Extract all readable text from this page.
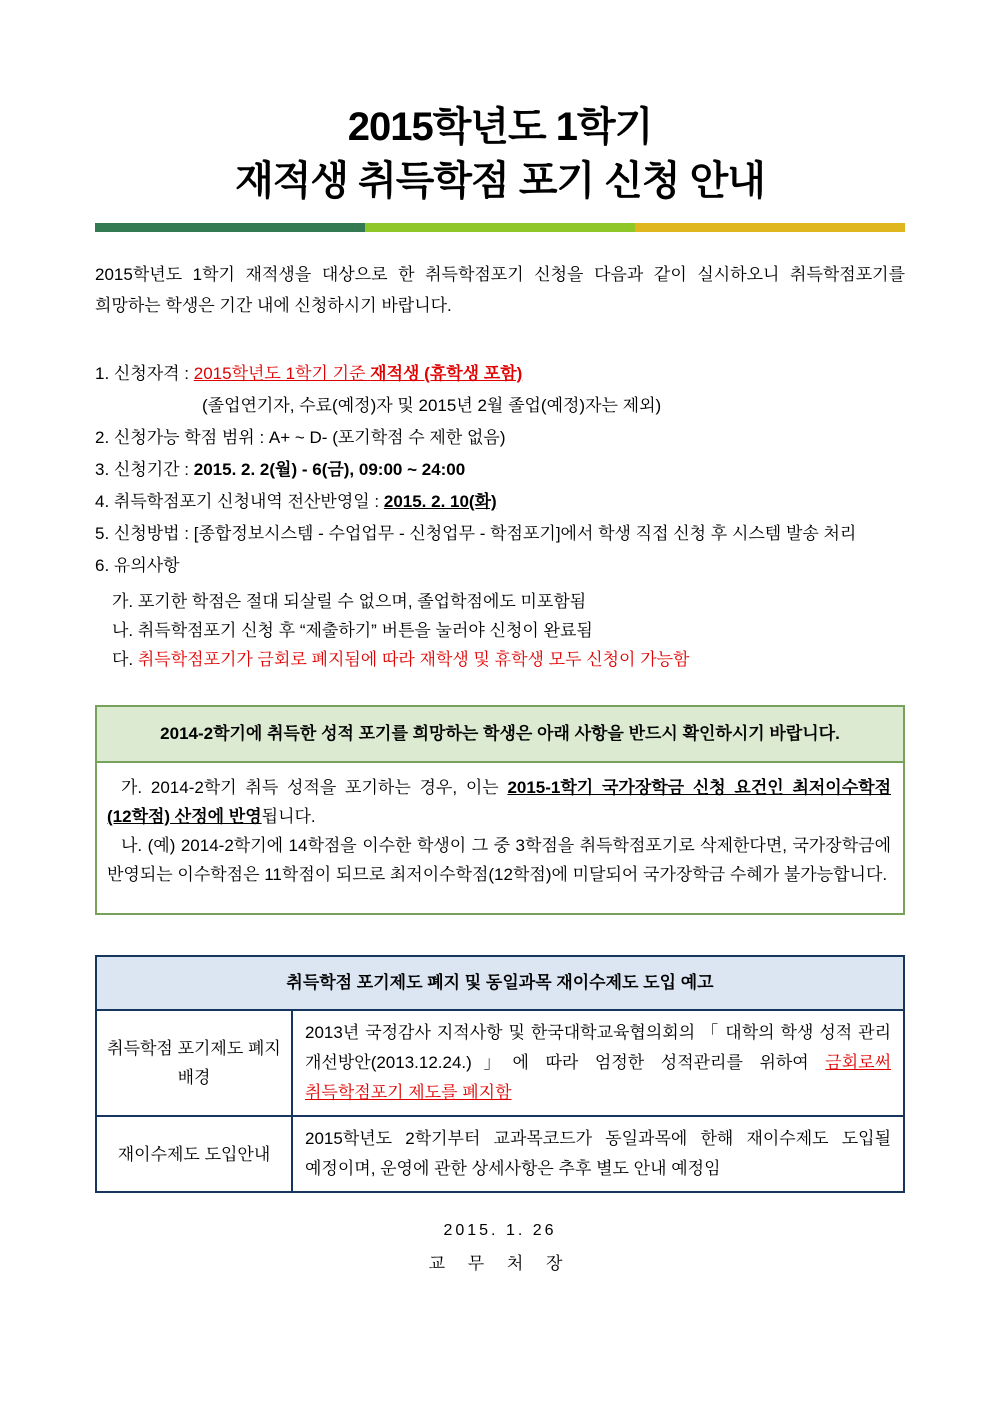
2015학년도 1학기
재적생 취득학점 포기 신청 안내

2015학년도 1학기 재적생을 대상으로 한 취득학점포기 신청을 다음과 같이 실시하오니 취득학점포기를 희망하는 학생은 기간 내에 신청하시기 바랍니다.

1. 신청자격 : 2015학년도 1학기 기준 재적생 (휴학생 포함)

(졸업연기자, 수료(예정)자 및 2015년 2월 졸업(예정)자는 제외)

2. 신청가능 학점 범위 : A+ ~ D- (포기학점 수 제한 없음)

3. 신청기간 : 2015. 2. 2(월) - 6(금), 09:00 ~ 24:00

4. 취득학점포기 신청내역 전산반영일 : 2015. 2. 10(화)

5. 신청방법 : [종합정보시스템 - 수업업무 - 신청업무 - 학점포기]에서 학생 직접 신청 후 시스템 발송 처리

6. 유의사항

가. 포기한 학점은 절대 되살릴 수 없으며, 졸업학점에도 미포함됨

나. 취득학점포기 신청 후 “제출하기” 버튼을 눌러야 신청이 완료됨

다. 취득학점포기가 금회로 폐지됨에 따라 재학생 및 휴학생 모두 신청이 가능함

2014-2학기에 취득한 성적 포기를 희망하는 학생은 아래 사항을 반드시 확인하시기 바랍니다.

가. 2014-2학기 취득 성적을 포기하는 경우, 이는 2015-1학기 국가장학금 신청 요건인 최저이수학점(12학점) 산정에 반영됩니다.

나. (예) 2014-2학기에 14학점을 이수한 학생이 그 중 3학점을 취득학점포기로 삭제한다면, 국가장학금에 반영되는 이수학점은 11학점이 되므로 최저이수학점(12학점)에 미달되어 국가장학금 수혜가 불가능합니다.

취득학점 포기제도 폐지 및 동일과목 재이수제도 도입 예고	
취득학점 포기제도 폐지 배경	2013년 국정감사 지적사항 및 한국대학교육협의회의 「 대학의 학생 성적 관리 개선방안(2013.12.24.)」에 따라 엄정한 성적관리를 위하여 금회로써 취득학점포기 제도를 폐지함
재이수제도 도입안내	2015학년도 2학기부터 교과목코드가 동일과목에 한해 재이수제도 도입될 예정이며, 운영에 관한 상세사항은 추후 별도 안내 예정임

2015. 1. 26

교 무 처 장
